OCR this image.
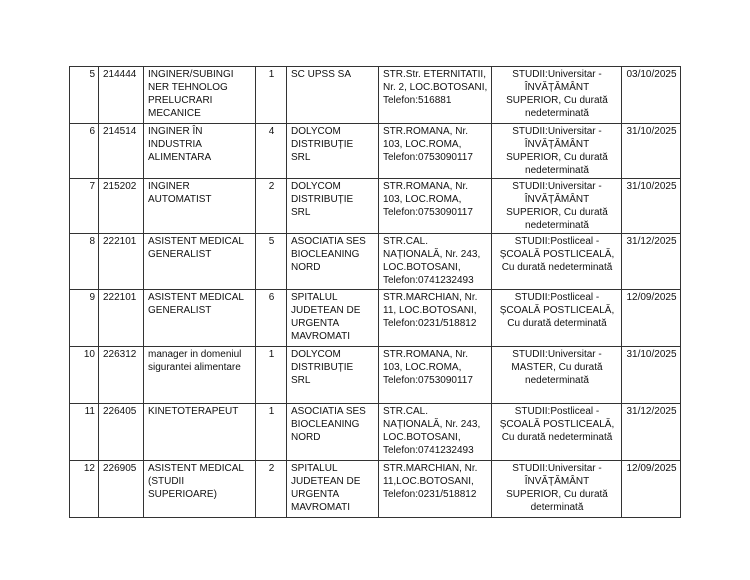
5	214444	INGINER/SUBINGI NER TEHNOLOG PRELUCRARI MECANICE	1	SC UPSS SA	STR.Str. ETERNITATII, Nr. 2, LOC.BOTOSANI, Telefon:516881	STUDII:Universitar - ÎNVĂȚĂMÂNT SUPERIOR, Cu durată nedeterminată	03/10/2025
6	214514	INGINER ÎN INDUSTRIA ALIMENTARA	4	DOLYCOM DISTRIBUȚIE SRL	STR.ROMANA, Nr. 103, LOC.ROMA, Telefon:0753090117	STUDII:Universitar - ÎNVĂȚĂMÂNT SUPERIOR, Cu durată nedeterminată	31/10/2025
7	215202	INGINER AUTOMATIST	2	DOLYCOM DISTRIBUȚIE SRL	STR.ROMANA, Nr. 103, LOC.ROMA, Telefon:0753090117	STUDII:Universitar - ÎNVĂȚĂMÂNT SUPERIOR, Cu durată nedeterminată	31/10/2025
8	222101	ASISTENT MEDICAL GENERALIST	5	ASOCIATIA SES BIOCLEANING NORD	STR.CAL. NAȚIONALĂ, Nr. 243, LOC.BOTOSANI, Telefon:0741232493	STUDII:Postliceal - ȘCOALĂ POSTLICEALĂ, Cu durată nedeterminată	31/12/2025
9	222101	ASISTENT MEDICAL GENERALIST	6	SPITALUL JUDETEAN DE URGENTA MAVROMATI	STR.MARCHIAN, Nr. 11, LOC.BOTOSANI, Telefon:0231/518812	STUDII:Postliceal - ȘCOALĂ POSTLICEALĂ, Cu durată determinată	12/09/2025
10	226312	manager in domeniul sigurantei alimentare	1	DOLYCOM DISTRIBUȚIE SRL	STR.ROMANA, Nr. 103, LOC.ROMA, Telefon:0753090117	STUDII:Universitar - MASTER, Cu durată nedeterminată	31/10/2025
11	226405	KINETOTERAPEUT	1	ASOCIATIA SES BIOCLEANING NORD	STR.CAL. NAȚIONALĂ, Nr. 243, LOC.BOTOSANI, Telefon:0741232493	STUDII:Postliceal - ȘCOALĂ POSTLICEALĂ, Cu durată nedeterminată	31/12/2025
12	226905	ASISTENT MEDICAL (STUDII SUPERIOARE)	2	SPITALUL JUDETEAN DE URGENTA MAVROMATI	STR.MARCHIAN, Nr. 11,LOC.BOTOSANI, Telefon:0231/518812	STUDII:Universitar - ÎNVĂȚĂMÂNT SUPERIOR, Cu durată determinată	12/09/2025
